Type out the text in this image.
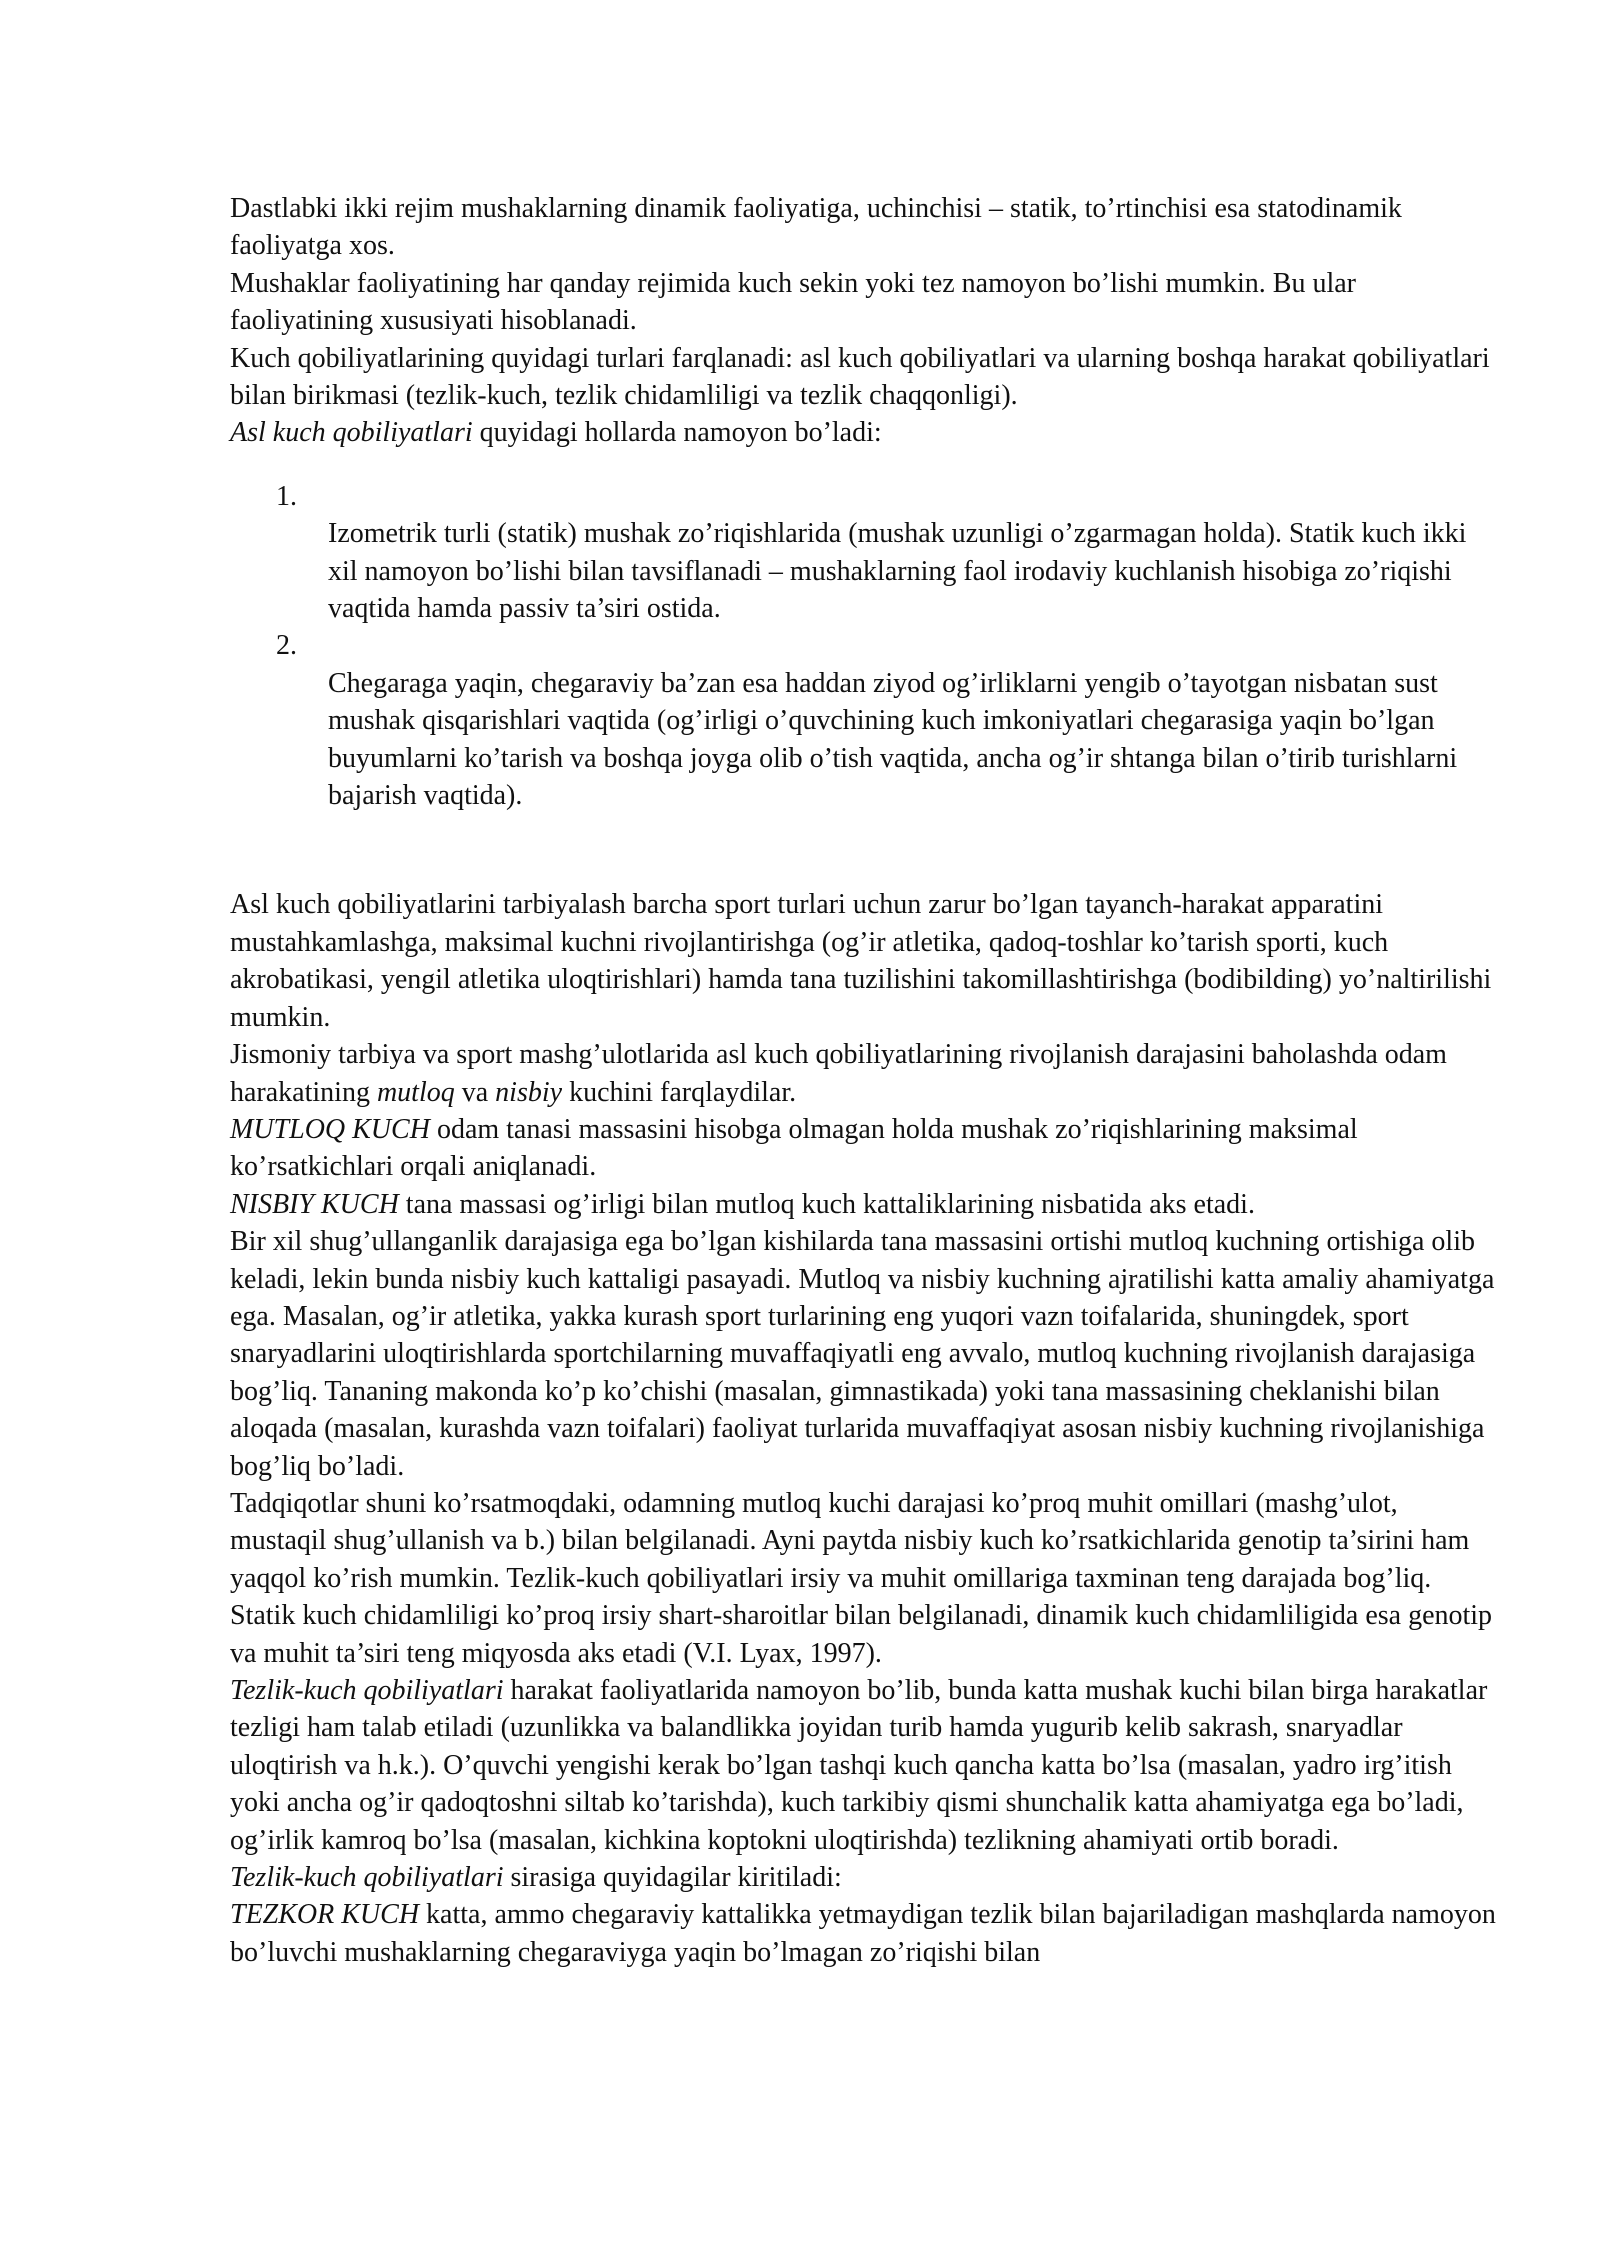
Dastlabki ikki rejim mushaklarning dinamik faoliyatiga, uchinchisi – statik, to’rtinchisi esa statodinamik faoliyatga xos.

Mushaklar faoliyatining har qanday rejimida kuch sekin yoki tez namoyon bo’lishi mumkin. Bu ular faoliyatining xususiyati hisoblanadi.

Kuch qobiliyatlarining quyidagi turlari farqlanadi: asl kuch qobiliyatlari va ularning boshqa harakat qobiliyatlari bilan birikmasi (tezlik-kuch, tezlik chidamliligi va tezlik chaqqonligi).

Asl kuch qobiliyatlari quyidagi hollarda namoyon bo’ladi:

1.
Izometrik turli (statik) mushak zo’riqishlarida (mushak uzunligi o’zgarmagan holda). Statik kuch ikki xil namoyon bo’lishi bilan tavsiflanadi – mushaklarning faol irodaviy kuchlanish hisobiga zo’riqishi vaqtida hamda passiv ta’siri ostida.
2.
Chegaraga yaqin, chegaraviy ba’zan esa haddan ziyod og’irliklarni yengib o’tayotgan nisbatan sust mushak qisqarishlari vaqtida (og’irligi o’quvchining kuch imkoniyatlari chegarasiga yaqin bo’lgan buyumlarni ko’tarish va boshqa joyga olib o’tish vaqtida, ancha og’ir shtanga bilan o’tirib turishlarni bajarish vaqtida).

Asl kuch qobiliyatlarini tarbiyalash barcha sport turlari uchun zarur bo’lgan tayanch-harakat apparatini mustahkamlashga, maksimal kuchni rivojlantirishga (og’ir atletika, qadoq-toshlar ko’tarish sporti, kuch akrobatikasi, yengil atletika uloqtirishlari) hamda tana tuzilishini takomillashtirishga (bodibilding) yo’naltirilishi mumkin.

Jismoniy tarbiya va sport mashg’ulotlarida asl kuch qobiliyatlarining rivojlanish darajasini baholashda odam harakatining mutloq va nisbiy kuchini farqlaydilar.

MUTLOQ KUCH odam tanasi massasini hisobga olmagan holda mushak zo’riqishlarining maksimal ko’rsatkichlari orqali aniqlanadi.

NISBIY KUCH tana massasi og’irligi bilan mutloq kuch kattaliklarining nisbatida aks etadi.

Bir xil shug’ullanganlik darajasiga ega bo’lgan kishilarda tana massasini ortishi mutloq kuchning ortishiga olib keladi, lekin bunda nisbiy kuch kattaligi pasayadi. Mutloq va nisbiy kuchning ajratilishi katta amaliy ahamiyatga ega. Masalan, og’ir atletika, yakka kurash sport turlarining eng yuqori vazn toifalarida, shuningdek, sport snaryadlarini uloqtirishlarda sportchilarning muvaffaqiyatli eng avvalo, mutloq kuchning rivojlanish darajasiga bog’liq. Tananing makonda ko’p ko’chishi (masalan, gimnastikada) yoki tana massasining cheklanishi bilan aloqada (masalan, kurashda vazn toifalari) faoliyat turlarida muvaffaqiyat asosan nisbiy kuchning rivojlanishiga bog’liq bo’ladi.

Tadqiqotlar shuni ko’rsatmoqdaki, odamning mutloq kuchi darajasi ko’proq muhit omillari (mashg’ulot, mustaqil shug’ullanish va b.) bilan belgilanadi. Ayni paytda nisbiy kuch ko’rsatkichlarida genotip ta’sirini ham yaqqol ko’rish mumkin. Tezlik-kuch qobiliyatlari irsiy va muhit omillariga taxminan teng darajada bog’liq. Statik kuch chidamliligi ko’proq irsiy shart-sharoitlar bilan belgilanadi, dinamik kuch chidamliligida esa genotip va muhit ta’siri teng miqyosda aks etadi (V.I. Lyax, 1997).

Tezlik-kuch qobiliyatlari harakat faoliyatlarida namoyon bo’lib, bunda katta mushak kuchi bilan birga harakatlar tezligi ham talab etiladi (uzunlikka va balandlikka joyidan turib hamda yugurib kelib sakrash, snaryadlar uloqtirish va h.k.). O’quvchi yengishi kerak bo’lgan tashqi kuch qancha katta bo’lsa (masalan, yadro irg’itish yoki ancha og’ir qadoqtoshni siltab ko’tarishda), kuch tarkibiy qismi shunchalik katta ahamiyatga ega bo’ladi, og’irlik kamroq bo’lsa (masalan, kichkina koptokni uloqtirishda) tezlikning ahamiyati ortib boradi.

Tezlik-kuch qobiliyatlari sirasiga quyidagilar kiritiladi:

TEZKOR KUCH katta, ammo chegaraviy kattalikka yetmaydigan tezlik bilan bajariladigan mashqlarda namoyon bo’luvchi mushaklarning chegaraviyga yaqin bo’lmagan zo’riqishi bilan
